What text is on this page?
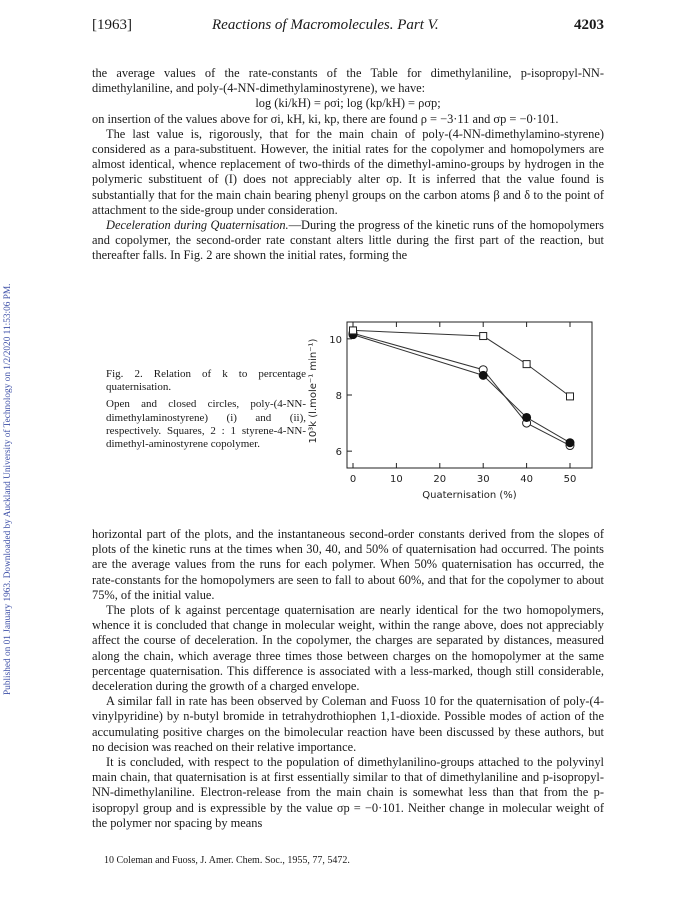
Published on 01 January 1963. Downloaded by Auckland University of Technology on 1/2/2020 11:53:06 PM.
[1963]	Reactions of Macromolecules. Part V.	4203

the average values of the rate-constants of the Table for dimethylaniline, p-isopropyl-NN-dimethylaniline, and poly-(4-NN-dimethylaminostyrene), we have:

log (ki/kH) = ρσi; log (kp/kH) = ρσp;

on insertion of the values above for σi, kH, ki, kp, there are found ρ = −3·11 and σp = −0·101.

The last value is, rigorously, that for the main chain of poly-(4-NN-dimethylamino-styrene) considered as a para-substituent. However, the initial rates for the copolymer and homopolymers are almost identical, whence replacement of two-thirds of the dimethyl-amino-groups by hydrogen in the polymeric substituent of (I) does not appreciably alter σp. It is inferred that the value found is substantially that for the main chain bearing phenyl groups on the carbon atoms β and δ to the point of attachment to the side-group under consideration.

Deceleration during Quaternisation.—During the progress of the kinetic runs of the homopolymers and copolymer, the second-order rate constant alters little during the first part of the reaction, but thereafter falls. In Fig. 2 are shown the initial rates, forming the

Fig. 2. Relation of k to percentage quaternisation.

Open and closed circles, poly-(4-NN-dimethylaminostyrene) (i) and (ii), respectively. Squares, 2 : 1 styrene-4-NN-dimethyl-aminostyrene copolymer.

0	10	20	30	40	50
6
8
10
Quaternisation (%)
10³k (l.mole⁻¹ min⁻¹)

horizontal part of the plots, and the instantaneous second-order constants derived from the slopes of plots of the kinetic runs at the times when 30, 40, and 50% of quaternisation had occurred. The points are the average values from the runs for each polymer. When 50% quaternisation has occurred, the rate-constants for the homopolymers are seen to fall to about 60%, and that for the copolymer to about 75%, of the initial value.

The plots of k against percentage quaternisation are nearly identical for the two homopolymers, whence it is concluded that change in molecular weight, within the range above, does not appreciably affect the course of deceleration. In the copolymer, the charges are separated by distances, measured along the chain, which average three times those between charges on the homopolymer at the same percentage quaternisation. This difference is associated with a less-marked, though still considerable, deceleration during the growth of a charged envelope.

A similar fall in rate has been observed by Coleman and Fuoss 10 for the quaternisation of poly-(4-vinylpyridine) by n-butyl bromide in tetrahydrothiophen 1,1-dioxide. Possible modes of action of the accumulating positive charges on the bimolecular reaction have been discussed by these authors, but no decision was reached on their relative importance.

It is concluded, with respect to the population of dimethylanilino-groups attached to the polyvinyl main chain, that quaternisation is at first essentially similar to that of dimethylaniline and p-isopropyl-NN-dimethylaniline. Electron-release from the main chain is somewhat less than that from the p-isopropyl group and is expressible by the value σp = −0·101. Neither change in molecular weight of the polymer nor spacing by means

10 Coleman and Fuoss, J. Amer. Chem. Soc., 1955, 77, 5472.
